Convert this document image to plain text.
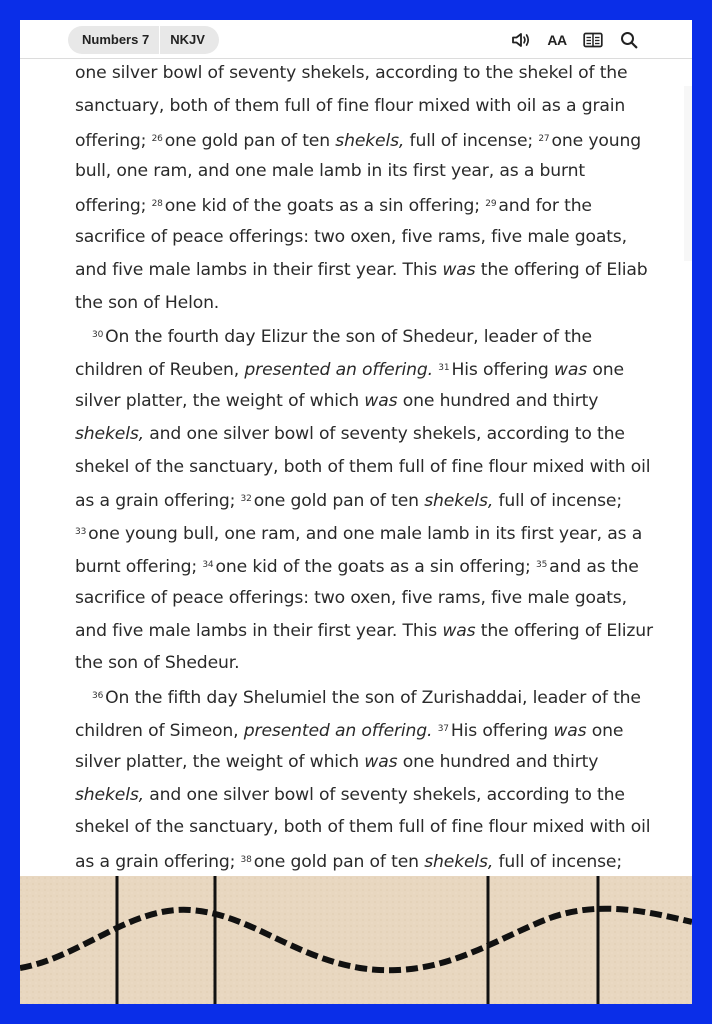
Numbers 7	NKJV	AA
one silver bowl of seventy shekels, according to the shekel of the
sanctuary, both of them full of fine flour mixed with oil as a grain
offering; $^{26}$ one gold pan of ten shekels, full of incense; $^{27}$ one young
bull, one ram, and one male lamb in its first year, as a burnt
offering; $^{28}$ one kid of the goats as a sin offering; $^{29}$ and for the
sacrifice of peace offerings: two oxen, five rams, five male goats,
and five male lambs in their first year. This was the offering of Eliab
the son of Helon.
$^{30}$ On the fourth day Elizur the son of Shedeur, leader of the
children of Reuben, presented an offering. $^{31}$ His offering was one
silver platter, the weight of which was one hundred and thirty
shekels, and one silver bowl of seventy shekels, according to the
shekel of the sanctuary, both of them full of fine flour mixed with oil
as a grain offering; $^{32}$ one gold pan of ten shekels, full of incense;
$^{33}$ one young bull, one ram, and one male lamb in its first year, as a
burnt offering; $^{34}$ one kid of the goats as a sin offering; $^{35}$ and as the
sacrifice of peace offerings: two oxen, five rams, five male goats,
and five male lambs in their first year. This was the offering of Elizur
the son of Shedeur.
$^{36}$ On the fifth day Shelumiel the son of Zurishaddai, leader of the
children of Simeon, presented an offering. $^{37}$ His offering was one
silver platter, the weight of which was one hundred and thirty
shekels, and one silver bowl of seventy shekels, according to the
shekel of the sanctuary, both of them full of fine flour mixed with oil
as a grain offering; $^{38}$ one gold pan of ten shekels, full of incense;
